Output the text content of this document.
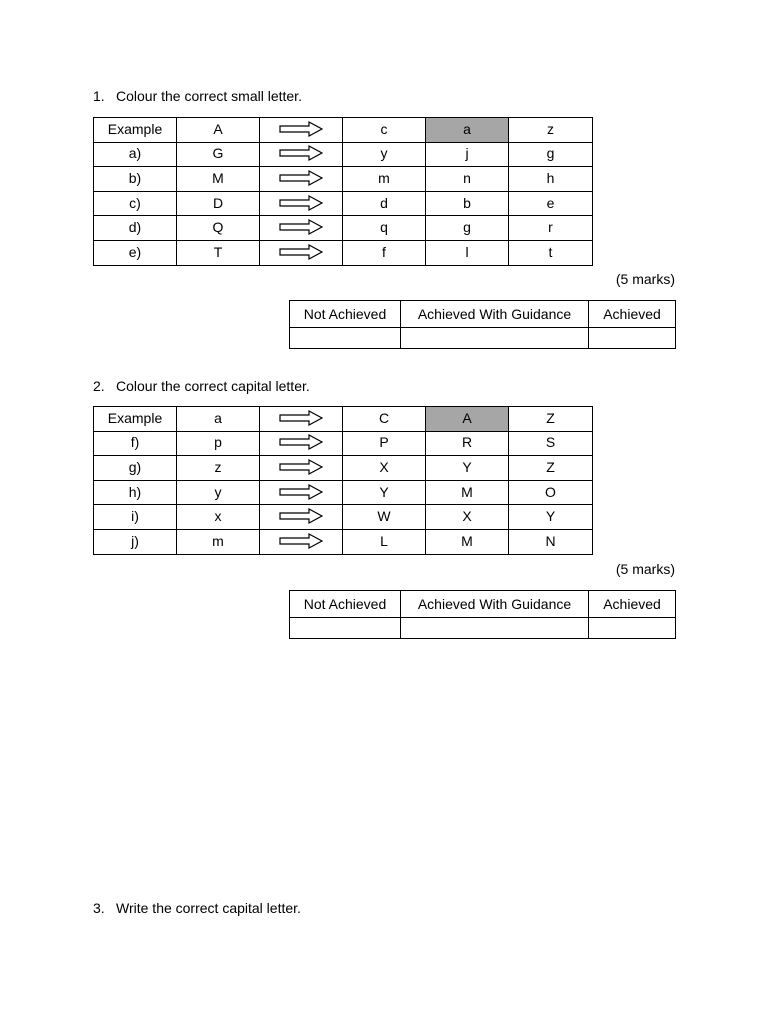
1. Colour the correct small letter.
Example	A		c	a	z
a)	G		y	j	g
b)	M		m	n	h
c)	D		d	b	e
d)	Q		q	g	r
e)	T		f	l	t
(5 marks)
Not Achieved	Achieved With Guidance	Achieved

2. Colour the correct capital letter.
Example	a		C	A	Z
f)	p		P	R	S
g)	z		X	Y	Z
h)	y		Y	M	O
i)	x		W	X	Y
j)	m		L	M	N
(5 marks)
Not Achieved	Achieved With Guidance	Achieved

3. Write the correct capital letter.
